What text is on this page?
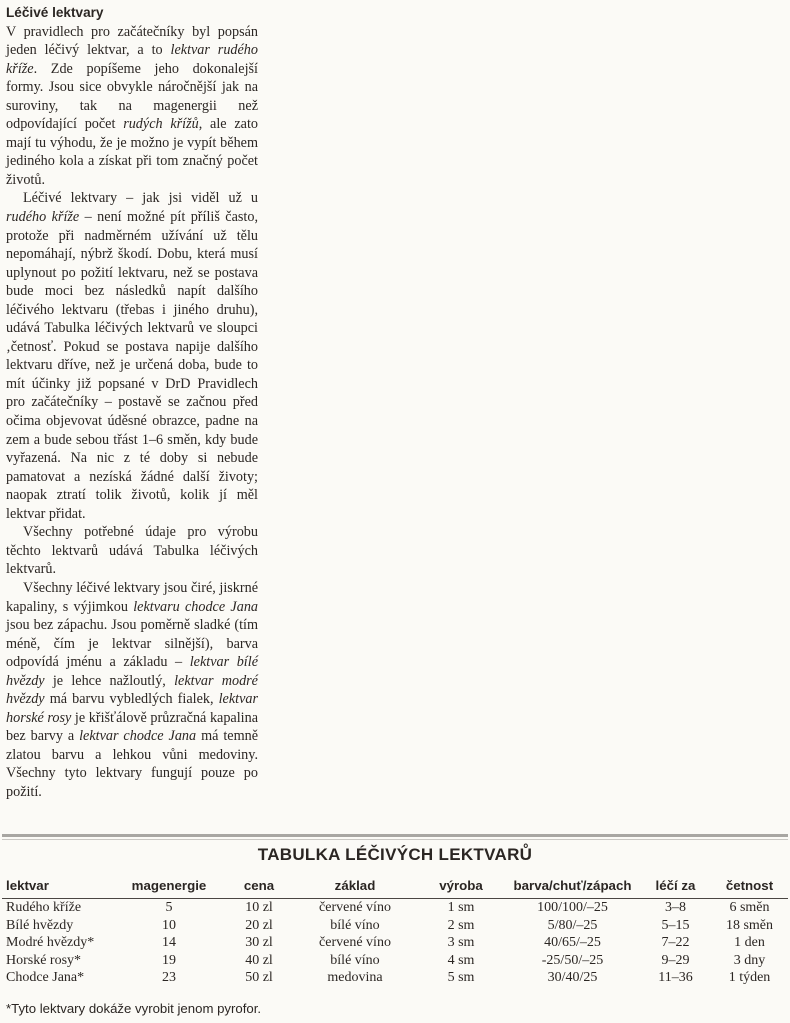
Léčivé lektvary

V pravidlech pro začátečníky byl popsán jeden léčivý lektvar, a to lektvar rudého kříže. Zde popíšeme jeho dokonalejší formy. Jsou sice obvykle náročnější jak na suroviny, tak na magenergii než odpovídající počet rudých křížů, ale zato mají tu výhodu, že je možno je vypít během jediného kola a získat při tom značný počet životů.

Léčivé lektvary – jak jsi viděl už u rudého kříže – není možné pít příliš často, protože při nadměrném užívání už tělu nepomáhají, nýbrž škodí. Dobu, která musí uplynout po požití lektvaru, než se postava bude moci bez následků napít dalšího léčivého lektvaru (třebas i jiného druhu), udává Tabulka léčivých lektvarů ve sloupci ‚četnosť. Pokud se postava napije dalšího lektvaru dříve, než je určená doba, bude to mít účinky již popsané v DrD Pravidlech pro začátečníky – postavě se začnou před očima objevovat úděsné obrazce, padne na zem a bude sebou třást 1–6 směn, kdy bude vyřazená. Na nic z té doby si nebude pamatovat a nezíská žádné další životy; naopak ztratí tolik životů, kolik jí měl lektvar přidat.

Všechny potřebné údaje pro výrobu těchto lektvarů udává Tabulka léčivých lektvarů.

Všechny léčivé lektvary jsou čiré, jiskrné kapaliny, s výjimkou lektvaru chodce Jana jsou bez zápachu. Jsou poměrně sladké (tím méně, čím je lektvar silnější), barva odpovídá jménu a základu – lektvar bílé hvězdy je lehce nažloutlý, lektvar modré hvězdy má barvu vybledlých fialek, lektvar horské rosy je křišťálově průzračná kapalina bez barvy a lektvar chodce Jana má temně zlatou barvu a lehkou vůni medoviny. Všechny tyto lektvary fungují pouze po požití.

TABULKA LÉČIVÝCH LEKTVARŮ
lektvar	magenergie	cena	základ	výroba	barva/chuť/zápach	léčí za	četnost
Rudého kříže	5	10 zl	červené víno	1 sm	100/100/–25	3–8	6 směn
Bílé hvězdy	10	20 zl	bílé víno	2 sm	5/80/–25	5–15	18 směn
Modré hvězdy*	14	30 zl	červené víno	3 sm	40/65/–25	7–22	1 den
Horské rosy*	19	40 zl	bílé víno	4 sm	-25/50/–25	9–29	3 dny
Chodce Jana*	23	50 zl	medovina	5 sm	30/40/25	11–36	1 týden
*Tyto lektvary dokáže vyrobit jenom pyrofor.
